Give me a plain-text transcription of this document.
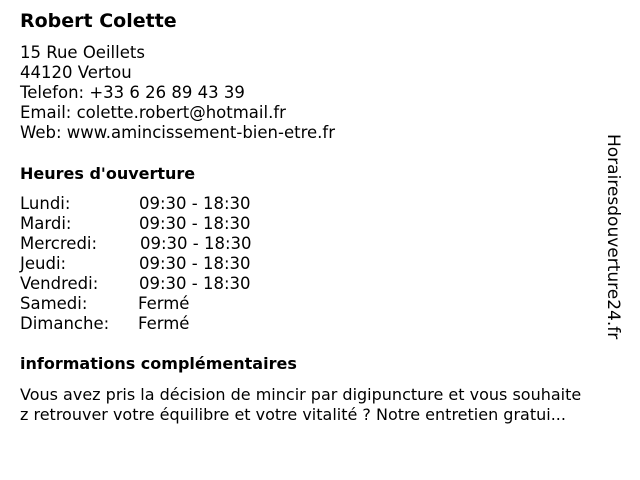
Robert Colette
15 Rue Oeillets
44120 Vertou
Telefon: +33 6 26 89 43 39
Email: colette.robert@hotmail.fr
Web: www.amincissement-bien-etre.fr
Heures d'ouverture
Lundi:	09:30 - 18:30
Mardi:	09:30 - 18:30
Mercredi:	09:30 - 18:30
Jeudi:	09:30 - 18:30
Vendredi: 09:30 - 18:30
Samedi:	Fermé
Dimanche: Fermé
informations complémentaires
Vous avez pris la décision de mincir par digipuncture et vous souhaite
z retrouver votre équilibre et votre vitalité ? Notre entretien gratui...
Horairesdouverture24.fr
